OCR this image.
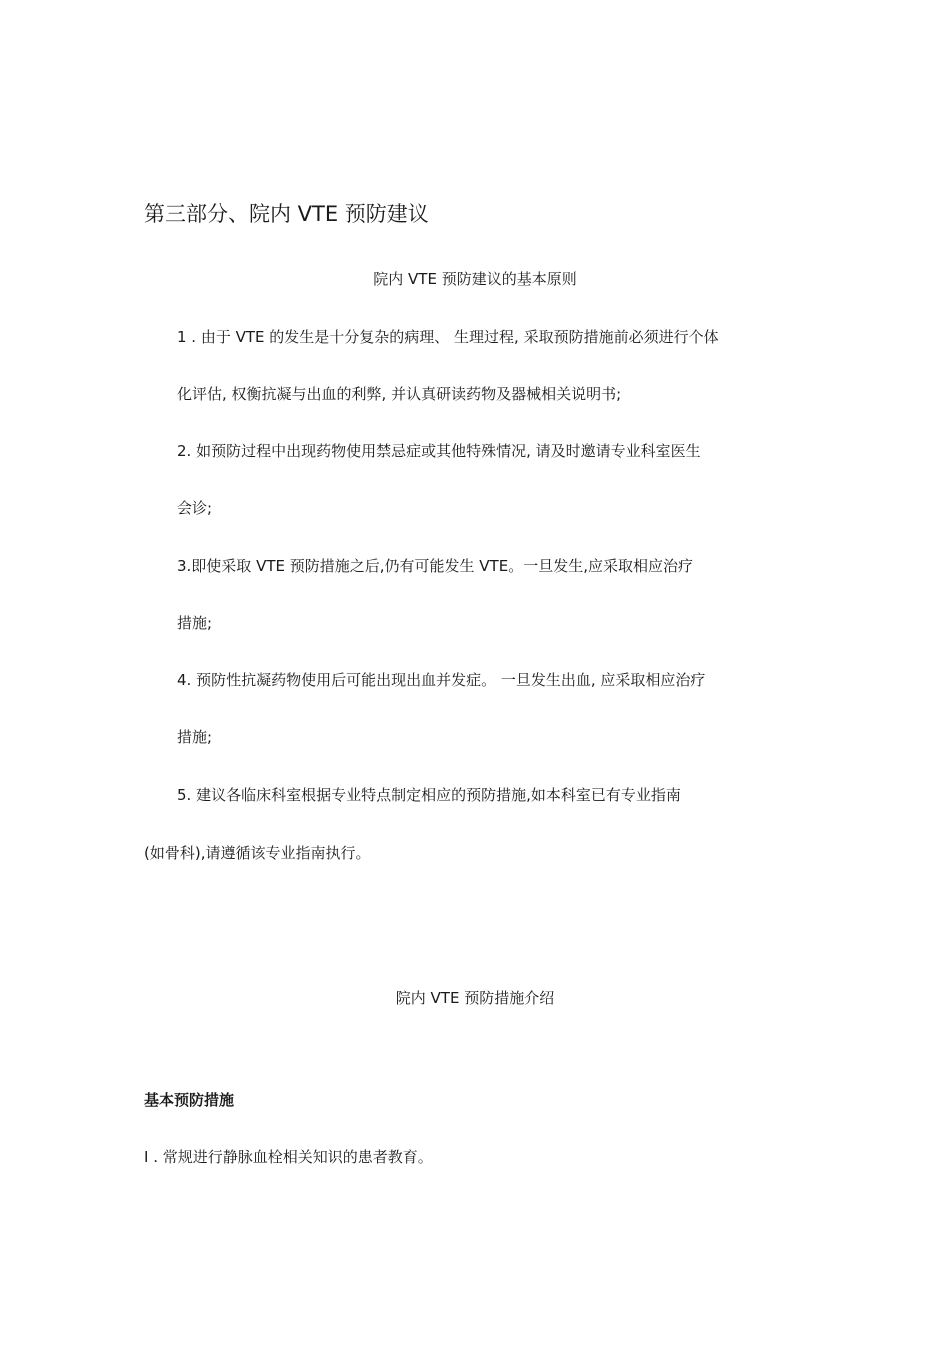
第三部分、院内 VTE 预防建议
院内 VTE 预防建议的基本原则
1 . 由于 VTE 的发生是十分复杂的病理、 生理过程, 采取预防措施前必须进行个体
化评估, 权衡抗凝与出血的利弊, 并认真研读药物及器械相关说明书;
2. 如预防过程中出现药物使用禁忌症或其他特殊情况, 请及时邀请专业科室医生
会诊;
3.即使采取 VTE 预防措施之后,仍有可能发生 VTE。一旦发生,应采取相应治疗
措施;
4. 预防性抗凝药物使用后可能出现出血并发症。 一旦发生出血, 应采取相应治疗
措施;
5. 建议各临床科室根据专业特点制定相应的预防措施,如本科室已有专业指南
(如骨科),请遵循该专业指南执行。
院内 VTE 预防措施介绍
基本预防措施
I . 常规进行静脉血栓相关知识的患者教育。
